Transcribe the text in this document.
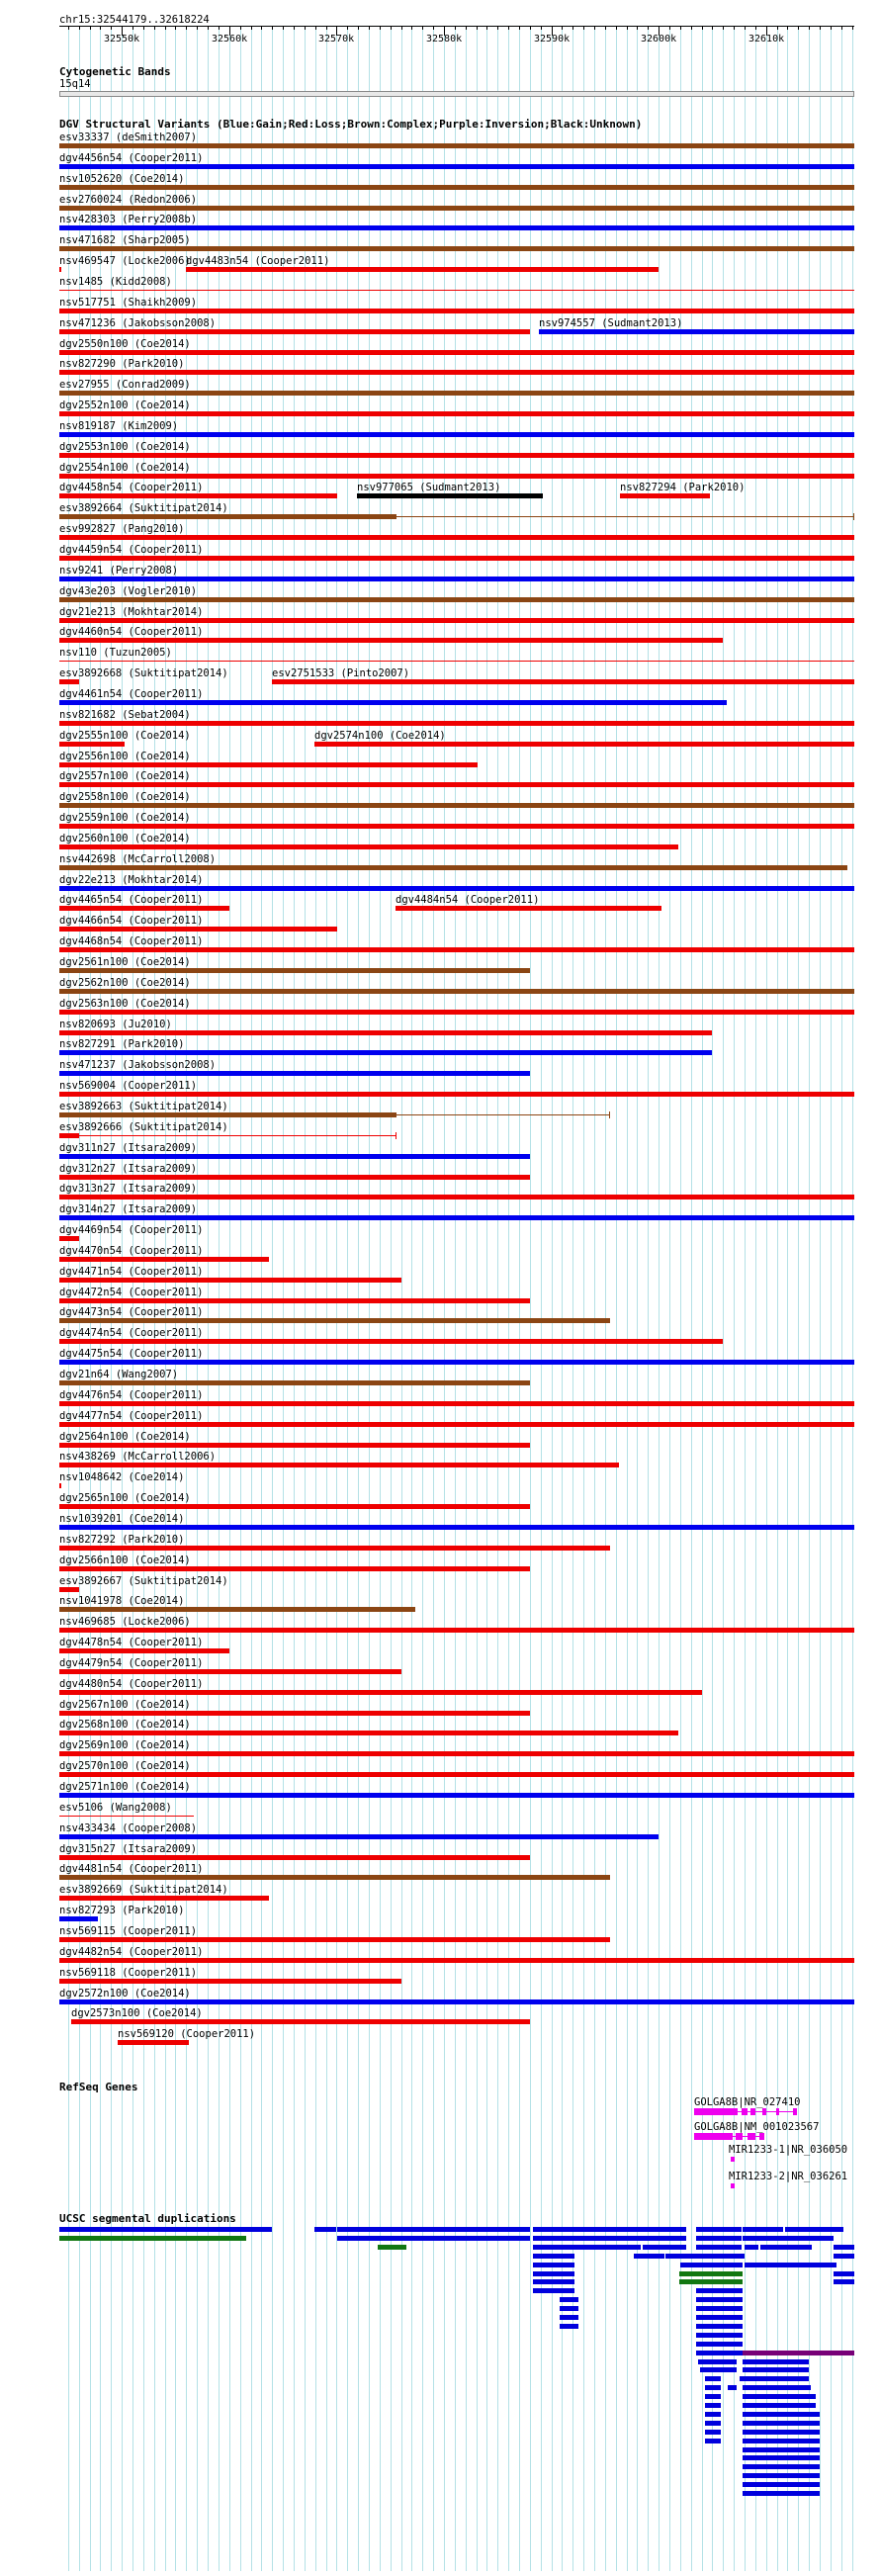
chr15:32544179..32618224
32550k	32560k	32570k	32580k	32590k	32600k	32610k
Cytogenetic Bands
15q14
DGV Structural Variants (Blue:Gain;Red:Loss;Brown:Complex;Purple:Inversion;Black:Unknown)
esv33337 (deSmith2007)
dgv4456n54 (Cooper2011)
nsv1052620 (Coe2014)
esv2760024 (Redon2006)
nsv428303 (Perry2008b)
nsv471682 (Sharp2005)
nsv469547 (Locke2006)
dgv4483n54 (Cooper2011)
nsv1485 (Kidd2008)
nsv517751 (Shaikh2009)
nsv471236 (Jakobsson2008)	nsv974557 (Sudmant2013)
dgv2550n100 (Coe2014)
nsv827290 (Park2010)
esv27955 (Conrad2009)
dgv2552n100 (Coe2014)
nsv819187 (Kim2009)
dgv2553n100 (Coe2014)
dgv2554n100 (Coe2014)
dgv4458n54 (Cooper2011)	nsv977065 (Sudmant2013)	nsv827294 (Park2010)
esv3892664 (Suktitipat2014)
esv992827 (Pang2010)
dgv4459n54 (Cooper2011)
nsv9241 (Perry2008)
dgv43e203 (Vogler2010)
dgv21e213 (Mokhtar2014)
dgv4460n54 (Cooper2011)
nsv110 (Tuzun2005)
esv3892668 (Suktitipat2014)	esv2751533 (Pinto2007)
dgv4461n54 (Cooper2011)
nsv821682 (Sebat2004)
dgv2555n100 (Coe2014)	dgv2574n100 (Coe2014)
dgv2556n100 (Coe2014)
dgv2557n100 (Coe2014)
dgv2558n100 (Coe2014)
dgv2559n100 (Coe2014)
dgv2560n100 (Coe2014)
nsv442698 (McCarroll2008)
dgv22e213 (Mokhtar2014)
dgv4465n54 (Cooper2011)	dgv4484n54 (Cooper2011)
dgv4466n54 (Cooper2011)
dgv4468n54 (Cooper2011)
dgv2561n100 (Coe2014)
dgv2562n100 (Coe2014)
dgv2563n100 (Coe2014)
nsv820693 (Ju2010)
nsv827291 (Park2010)
nsv471237 (Jakobsson2008)
nsv569004 (Cooper2011)
esv3892663 (Suktitipat2014)
esv3892666 (Suktitipat2014)
dgv311n27 (Itsara2009)
dgv312n27 (Itsara2009)
dgv313n27 (Itsara2009)
dgv314n27 (Itsara2009)
dgv4469n54 (Cooper2011)
dgv4470n54 (Cooper2011)
dgv4471n54 (Cooper2011)
dgv4472n54 (Cooper2011)
dgv4473n54 (Cooper2011)
dgv4474n54 (Cooper2011)
dgv4475n54 (Cooper2011)
dgv21n64 (Wang2007)
dgv4476n54 (Cooper2011)
dgv4477n54 (Cooper2011)
dgv2564n100 (Coe2014)
nsv438269 (McCarroll2006)
nsv1048642 (Coe2014)
dgv2565n100 (Coe2014)
nsv1039201 (Coe2014)
nsv827292 (Park2010)
dgv2566n100 (Coe2014)
esv3892667 (Suktitipat2014)
nsv1041978 (Coe2014)
nsv469685 (Locke2006)
dgv4478n54 (Cooper2011)
dgv4479n54 (Cooper2011)
dgv4480n54 (Cooper2011)
dgv2567n100 (Coe2014)
dgv2568n100 (Coe2014)
dgv2569n100 (Coe2014)
dgv2570n100 (Coe2014)
dgv2571n100 (Coe2014)
esv5106 (Wang2008)
nsv433434 (Cooper2008)
dgv315n27 (Itsara2009)
dgv4481n54 (Cooper2011)
esv3892669 (Suktitipat2014)
nsv827293 (Park2010)
nsv569115 (Cooper2011)
dgv4482n54 (Cooper2011)
nsv569118 (Cooper2011)
dgv2572n100 (Coe2014)
dgv2573n100 (Coe2014)
nsv569120 (Cooper2011)
RefSeq Genes
GOLGA8B|NR_027410
GOLGA8B|NM_001023567
MIR1233-1|NR_036050
MIR1233-2|NR_036261
UCSC segmental duplications
